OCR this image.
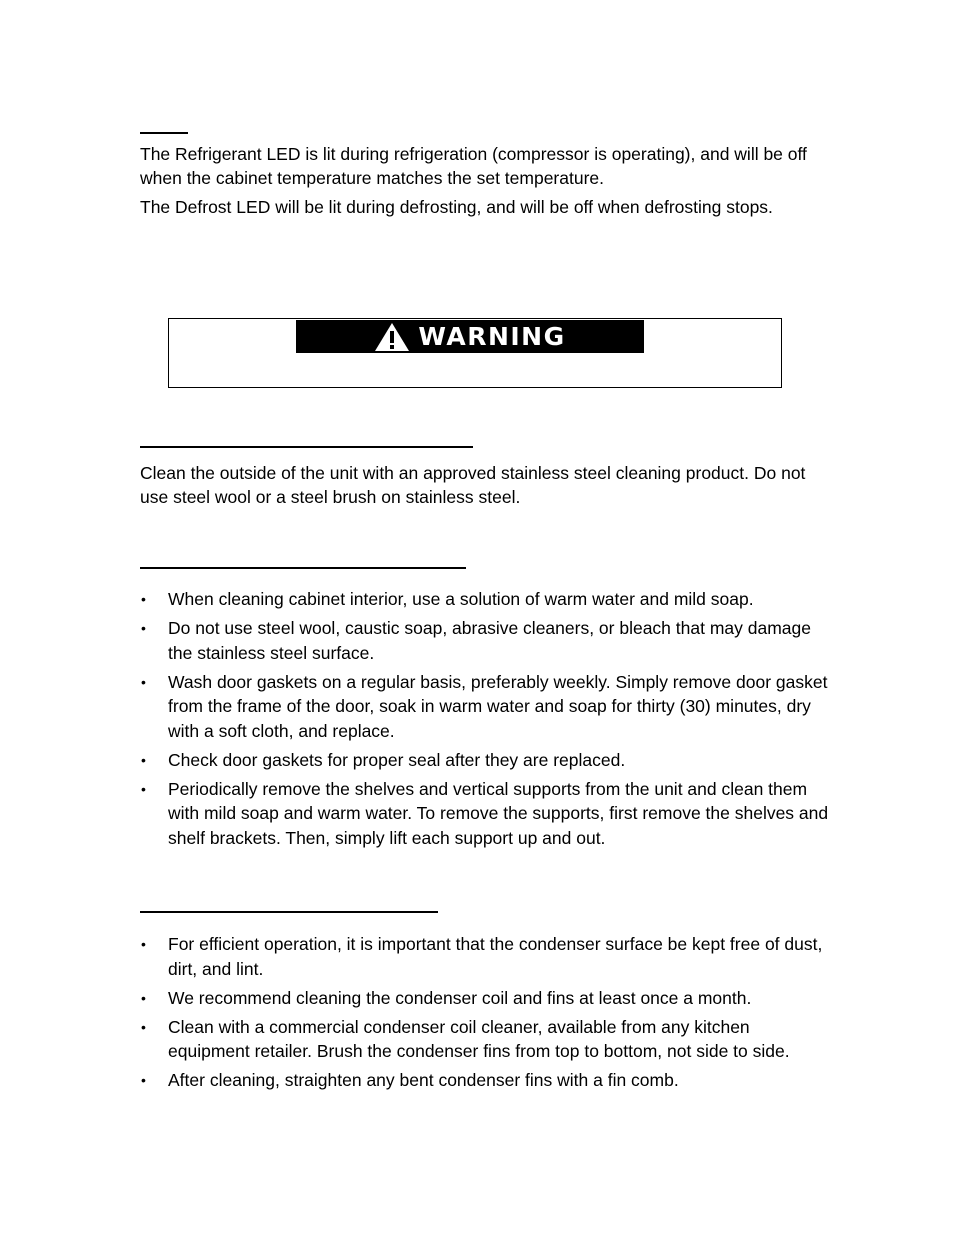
The Refrigerant LED is lit during refrigeration (compressor is operating), and will be off when the cabinet temperature matches the set temperature.

The Defrost LED will be lit during defrosting, and will be off when defrosting stops.

WARNING

Clean the outside of the unit with an approved stainless steel cleaning product. Do not use steel wool or a steel brush on stainless steel.

• When cleaning cabinet interior, use a solution of warm water and mild soap.
• Do not use steel wool, caustic soap, abrasive cleaners, or bleach that may damage the stainless steel surface.
• Wash door gaskets on a regular basis, preferably weekly. Simply remove door gasket from the frame of the door, soak in warm water and soap for thirty (30) minutes, dry with a soft cloth, and replace.
• Check door gaskets for proper seal after they are replaced.
• Periodically remove the shelves and vertical supports from the unit and clean them with mild soap and warm water. To remove the supports, first remove the shelves and shelf brackets. Then, simply lift each support up and out.
• For efficient operation, it is important that the condenser surface be kept free of dust, dirt, and lint.
• We recommend cleaning the condenser coil and fins at least once a month.
• Clean with a commercial condenser coil cleaner, available from any kitchen equipment retailer. Brush the condenser fins from top to bottom, not side to side.
• After cleaning, straighten any bent condenser fins with a fin comb.
